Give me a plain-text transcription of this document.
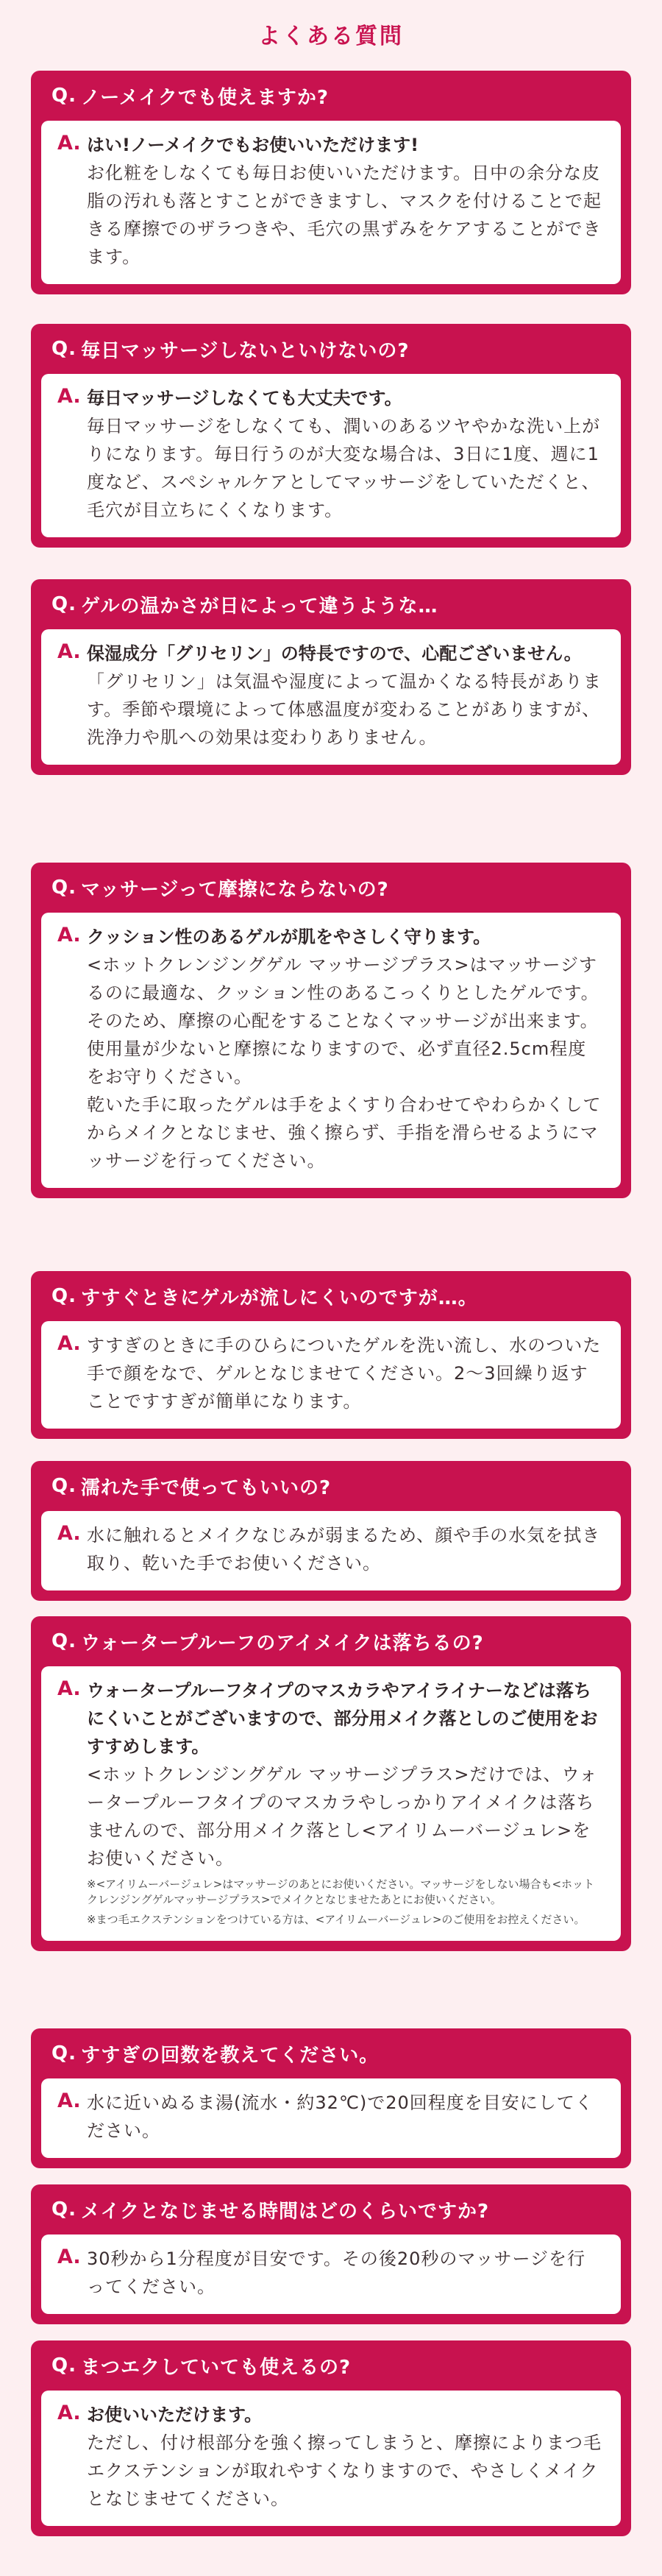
よくある質問
Q. ノーメイクでも使えますか?
A. はい!ノーメイクでもお使いいただけます!

お化粧をしなくても毎日お使いいただけます。日中の余分な皮脂の汚れも落とすことができますし、マスクを付けることで起きる摩擦でのザラつきや、毛穴の黒ずみをケアすることができます。

Q. 毎日マッサージしないといけないの?
A. 毎日マッサージしなくても大丈夫です。

毎日マッサージをしなくても、潤いのあるツヤやかな洗い上がりになります。毎日行うのが大変な場合は、3日に1度、週に1度など、スペシャルケアとしてマッサージをしていただくと、毛穴が目立ちにくくなります。

Q. ゲルの温かさが日によって違うような…
A. 保湿成分「グリセリン」の特長ですので、心配ございません。

「グリセリン」は気温や湿度によって温かくなる特長があります。季節や環境によって体感温度が変わることがありますが、洗浄力や肌への効果は変わりありません。

Q. マッサージって摩擦にならないの?
A. クッション性のあるゲルが肌をやさしく守ります。

<ホットクレンジングゲル マッサージプラス>はマッサージするのに最適な、クッション性のあるこっくりとしたゲルです。そのため、摩擦の心配をすることなくマッサージが出来ます。

使用量が少ないと摩擦になりますので、必ず直径2.5cm程度をお守りください。

乾いた手に取ったゲルは手をよくすり合わせてやわらかくしてからメイクとなじませ、強く擦らず、手指を滑らせるようにマッサージを行ってください。

Q. すすぐときにゲルが流しにくいのですが…。
A. すすぎのときに手のひらについたゲルを洗い流し、水のついた手で顔をなで、ゲルとなじませてください。2〜3回繰り返すことですすぎが簡単になります。

Q. 濡れた手で使ってもいいの?
A. 水に触れるとメイクなじみが弱まるため、顔や手の水気を拭き取り、乾いた手でお使いください。

Q. ウォータープルーフのアイメイクは落ちるの?
A. ウォータープルーフタイプのマスカラやアイライナーなどは落ちにくいことがございますので、部分用メイク落としのご使用をおすすめします。

<ホットクレンジングゲル マッサージプラス>だけでは、ウォータープルーフタイプのマスカラやしっかりアイメイクは落ちませんので、部分用メイク落とし<アイリムーバージュレ>をお使いください。

※<アイリムーバージュレ>はマッサージのあとにお使いください。マッサージをしない場合も<ホットクレンジングゲルマッサージプラス>でメイクとなじませたあとにお使いください。

※まつ毛エクステンションをつけている方は、<アイリムーバージュレ>のご使用をお控えください。

Q. すすぎの回数を教えてください。
A. 水に近いぬるま湯(流水・約32℃)で20回程度を目安にしてください。

Q. メイクとなじませる時間はどのくらいですか?
A. 30秒から1分程度が目安です。その後20秒のマッサージを行ってください。

Q. まつエクしていても使えるの?
A. お使いいただけます。

ただし、付け根部分を強く擦ってしまうと、摩擦によりまつ毛エクステンションが取れやすくなりますので、やさしくメイクとなじませてください。
